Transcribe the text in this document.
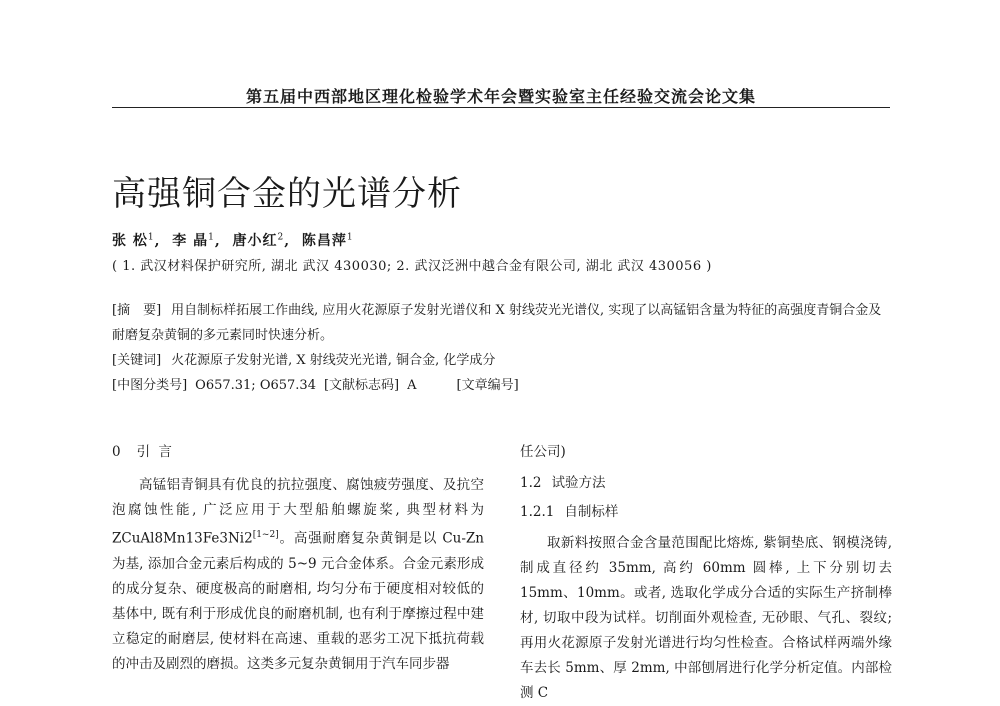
第五届中西部地区理化检验学术年会暨实验室主任经验交流会论文集
高强铜合金的光谱分析
张 松$^1$,  李 晶$^1$,  唐小红$^2$,  陈昌萍$^1$
( 1. 武汉材料保护研究所, 湖北 武汉 430030; 2. 武汉泛洲中越合金有限公司, 湖北 武汉 430056 )

[摘　要] 用自制标样拓展工作曲线, 应用火花源原子发射光谱仪和 X 射线荧光光谱仪, 实现了以高锰铝含量为特征的高强度青铜合金及耐磨复杂黄铜的多元素同时快速分析。

[关键词] 火花源原子发射光谱, X 射线荧光光谱, 铜合金, 化学成分

[中图分类号] O657.31; O657.34 [文献标志码] A	[文章编号]

0 引 言

高锰铝青铜具有优良的抗拉强度、腐蚀疲劳强度、及抗空泡腐蚀性能, 广泛应用于大型船舶螺旋桨, 典型材料为 ZCuAl8Mn13Fe3Ni2[1~2]。高强耐磨复杂黄铜是以 Cu-Zn 为基, 添加合金元素后构成的 5~9 元合金体系。合金元素形成的成分复杂、硬度极高的耐磨相, 均匀分布于硬度相对较低的基体中, 既有利于形成优良的耐磨机制, 也有利于摩擦过程中建立稳定的耐磨层, 使材料在高速、重载的恶劣工况下抵抗荷载的冲击及剧烈的磨损。这类多元复杂黄铜用于汽车同步器

任公司)

1.2 试验方法

1.2.1 自制标样

取新料按照合金含量范围配比熔炼, 紫铜垫底、钢模浇铸, 制成直径约 35mm, 高约 60mm 圆棒, 上下分别切去 15mm、10mm。或者, 选取化学成分合适的实际生产挤制棒材, 切取中段为试样。切削面外观检查, 无砂眼、气孔、裂纹; 再用火花源原子发射光谱进行均匀性检查。合格试样两端外缘车去长 5mm、厚 2mm, 中部刨屑进行化学分析定值。内部检测 C
